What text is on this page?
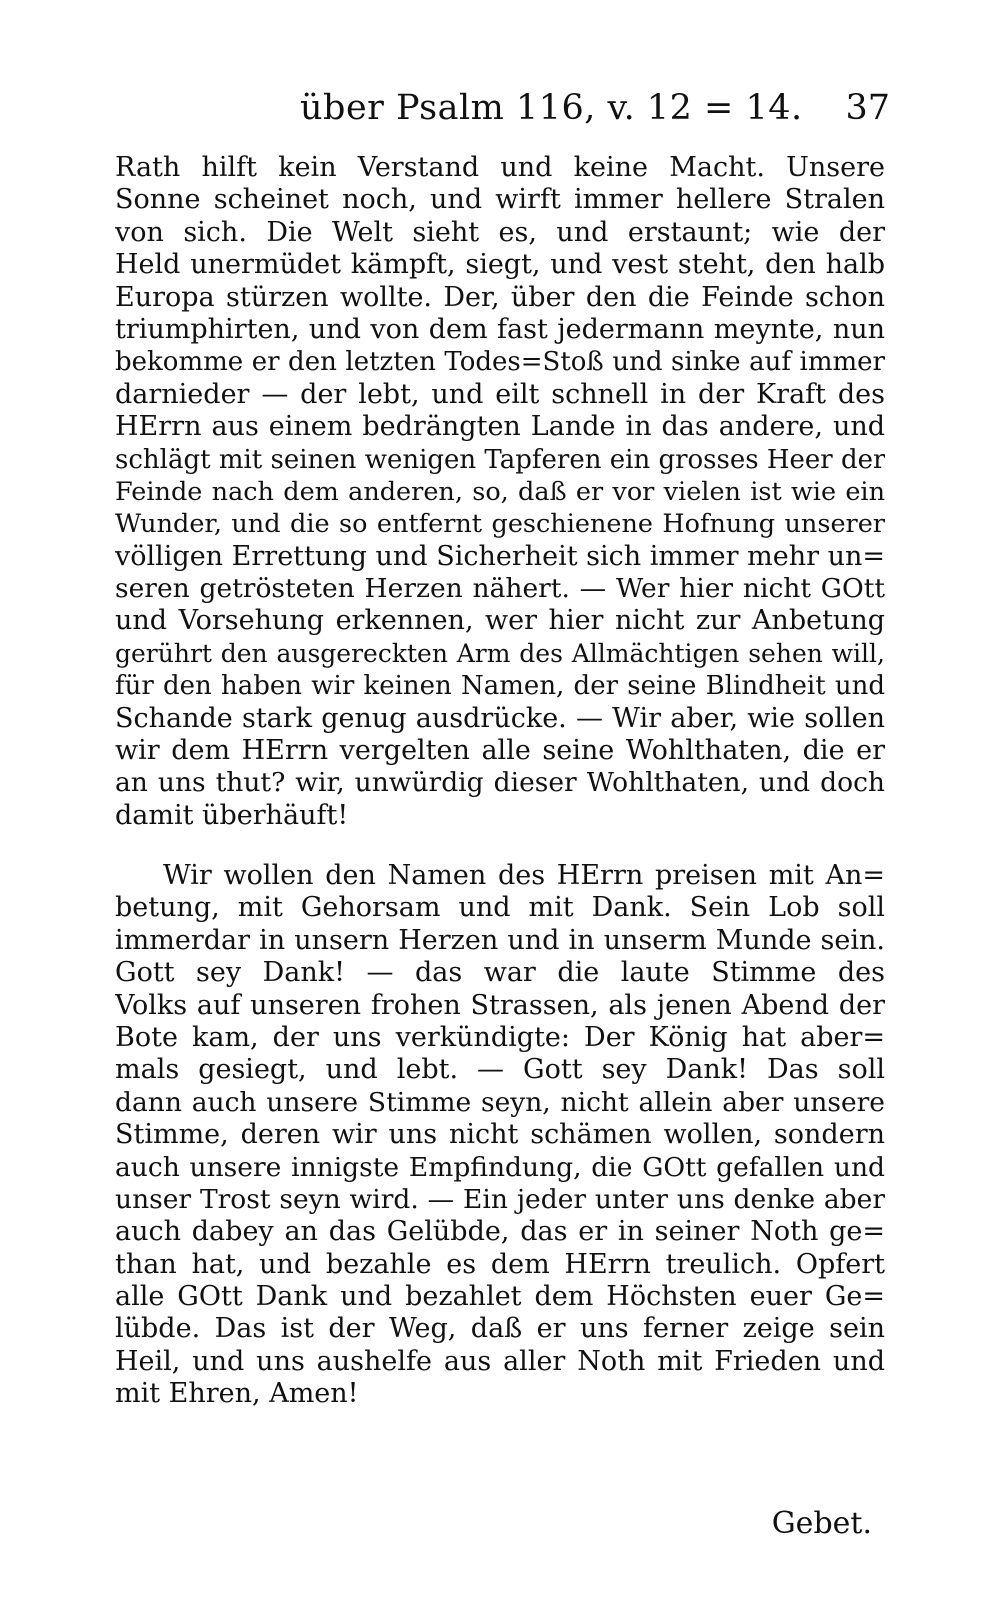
über Psalm 116, v. 12 = 14. 37
Rath hilft kein Verstand und keine Macht. Unsere
Sonne scheinet noch, und wirft immer hellere Stralen
von sich. Die Welt sieht es, und erstaunt; wie der
Held unermüdet kämpft, siegt, und vest steht, den halb
Europa stürzen wollte. Der, über den die Feinde schon
triumphirten, und von dem fast jedermann meynte, nun
bekomme er den letzten Todes=Stoß und sinke auf immer
darnieder — der lebt, und eilt schnell in der Kraft des
HErrn aus einem bedrängten Lande in das andere, und
schlägt mit seinen wenigen Tapferen ein grosses Heer der
Feinde nach dem anderen, so, daß er vor vielen ist wie ein
Wunder, und die so entfernt geschienene Hofnung unserer
völligen Errettung und Sicherheit sich immer mehr un=
seren getrösteten Herzen nähert. — Wer hier nicht GOtt
und Vorsehung erkennen, wer hier nicht zur Anbetung
gerührt den ausgereckten Arm des Allmächtigen sehen will,
für den haben wir keinen Namen, der seine Blindheit und
Schande stark genug ausdrücke. — Wir aber, wie sollen
wir dem HErrn vergelten alle seine Wohlthaten, die er
an uns thut? wir, unwürdig dieser Wohlthaten, und doch
damit überhäuft!
Wir wollen den Namen des HErrn preisen mit An=
betung, mit Gehorsam und mit Dank. Sein Lob soll
immerdar in unsern Herzen und in unserm Munde sein.
Gott sey Dank! — das war die laute Stimme des
Volks auf unseren frohen Strassen, als jenen Abend der
Bote kam, der uns verkündigte: Der König hat aber=
mals gesiegt, und lebt. — Gott sey Dank! Das soll
dann auch unsere Stimme seyn, nicht allein aber unsere
Stimme, deren wir uns nicht schämen wollen, sondern
auch unsere innigste Empfindung, die GOtt gefallen und
unser Trost seyn wird. — Ein jeder unter uns denke aber
auch dabey an das Gelübde, das er in seiner Noth ge=
than hat, und bezahle es dem HErrn treulich. Opfert
alle GOtt Dank und bezahlet dem Höchsten euer Ge=
lübde. Das ist der Weg, daß er uns ferner zeige sein
Heil, und uns aushelfe aus aller Noth mit Frieden und
mit Ehren, Amen!
Gebet.
